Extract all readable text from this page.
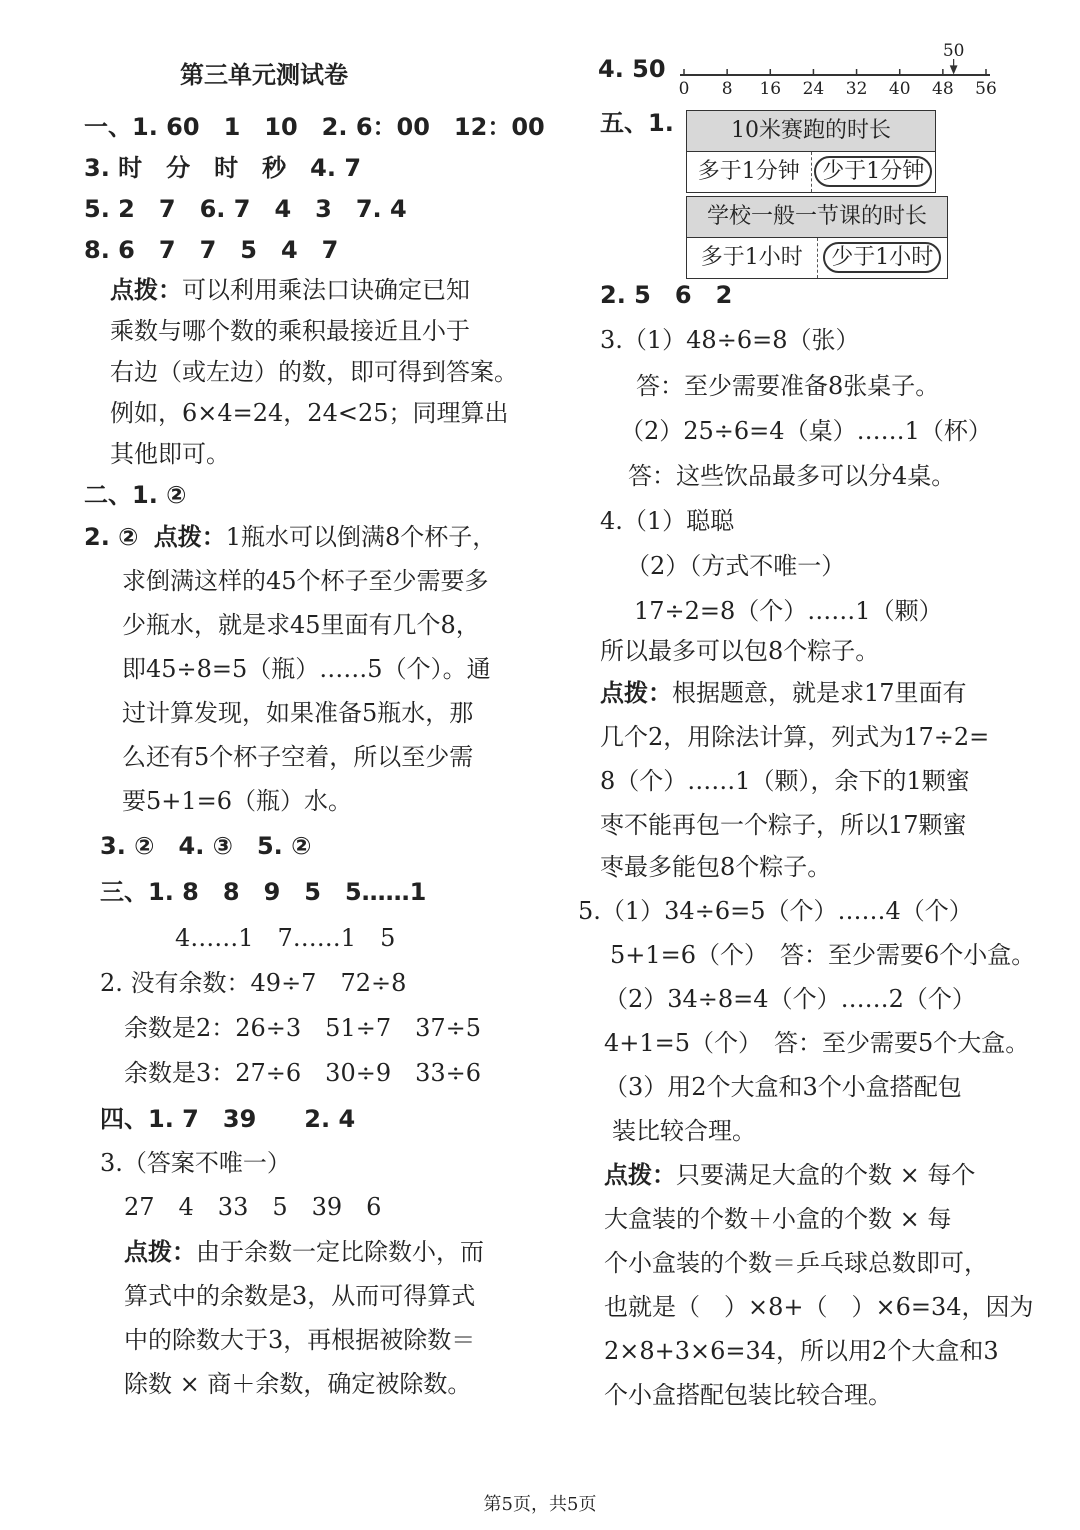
第三单元测试卷
一、1. 60　1　10　2. 6：00　12：00
3. 时　分　时　秒　4. 7
5. 2　7　6. 7　4　3　7. 4
8. 6　7　7　5　4　7
点拨：可以利用乘法口诀确定已知
乘数与哪个数的乘积最接近且小于
右边（或左边）的数，即可得到答案。
例如，6×4=24，24<25；同理算出
其他即可。
二、1. ②
2. ② 点拨：1瓶水可以倒满8个杯子，
求倒满这样的45个杯子至少需要多
少瓶水，就是求45里面有几个8，
即45÷8=5（瓶）……5（个）。通
过计算发现，如果准备5瓶水，那
么还有5个杯子空着，所以至少需
要5+1=6（瓶）水。
3. ②　4. ③　5. ②
三、1. 8　8　9　5　5……1
4……1　7……1　5
2. 没有余数：49÷7　72÷8
余数是2：26÷3　51÷7　37÷5
余数是3：27÷6　30÷9　33÷6
四、1. 7　39　　2. 4
3.（答案不唯一）
27　4　33　5　39　6
点拨：由于余数一定比除数小，而
算式中的余数是3，从而可得算式
中的除数大于3，再根据被除数＝
除数 × 商＋余数，确定被除数。
4. 50
0 8 16 24 32 40 48 56
50
五、1.	10米赛跑的时长
多于1分钟	少于1分钟
学校一般一节课的时长
多于1小时	少于1小时
2. 5　6　2
3.（1）48÷6=8（张）
答：至少需要准备8张桌子。
（2）25÷6=4（桌）……1（杯）
答：这些饮品最多可以分4桌。
4.（1）聪聪
（2）（方式不唯一）
17÷2=8（个）……1（颗）
所以最多可以包8个粽子。
点拨：根据题意，就是求17里面有
几个2，用除法计算，列式为17÷2=
8（个）……1（颗），余下的1颗蜜
枣不能再包一个粽子，所以17颗蜜
枣最多能包8个粽子。
5.（1）34÷6=5（个）……4（个）
5+1=6（个）　答：至少需要6个小盒。
（2）34÷8=4（个）……2（个）
4+1=5（个）　答：至少需要5个大盒。
（3）用2个大盒和3个小盒搭配包
装比较合理。
点拨：只要满足大盒的个数 × 每个
大盒装的个数＋小盒的个数 × 每
个小盒装的个数＝乒乓球总数即可，
也就是（　）×8+（　）×6=34，因为
2×8+3×6=34，所以用2个大盒和3
个小盒搭配包装比较合理。
第5页，共5页
